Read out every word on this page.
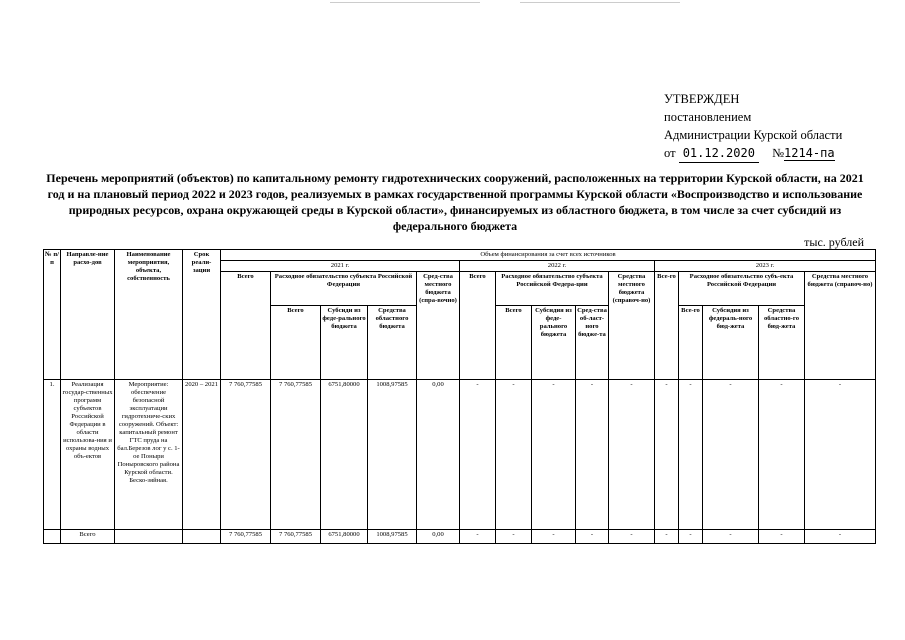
УТВЕРЖДЕН
постановлением
Администрации Курской области
от 01.12.2020 №1214-па
Перечень мероприятий (объектов) по капитальному ремонту гидротехнических сооружений, расположенных на территории Курской области, на 2021 год и на плановый период 2022 и 2023 годов, реализуемых в рамках государственной программы Курской области «Воспроизводство и использование природных ресурсов, охрана окружающей среды в Курской области», финансируемых из областного бюджета, в том числе за счет субсидий из федерального бюджета
тыс. рублей
№ п/ п	Направле-ние расхо-дов	Наименование мероприятия, объекта, собственность	Срок реали-зации	Объем финансирования за счет всех источников														
				2021 г.					2022 г.					2023 г.				
				Всего	Расходное обязательство субъекта Российской Федерации			Сред-ства местного бюджета (спра-вочно)	Всего	Расходное обязательство субъекта Российской Федера-ции			Средства местного бюджета (справоч-но)	Все-го	Расходное обязательство субъ-екта Российской Федерации			Средства местного бюджета (справоч-но)
					Всего	Субсиди из феде-рального бюджета	Средства областного бюджета			Всего	Субсидия из феде-рального бюджета	Сред-ства об-ласт-ного бюдже-та			Все-го	Субсидия из федераль-ного бюд-жета	Средства областно-го бюд-жета	
1.	Реализация государ-ственных программ субъектов Российской Федерации в области использова-ния и охраны водных объ-ектов	Мероприятие: обеспечение безопасной эксплуатации гидротехниче-ских сооружений. Объект: капитальный ремонт ГТС пруда на бал.Березов лог у с. 1-ое Поныри Поныровского района Курской области. Беско-зяйная.	2020 – 2021	7 760,77585	7 760,77585	6751,80000	1008,97585	0,00	-	-	-	-	-	-	-	-	-	-
	Всего			7 760,77585	7 760,77585	6751,80000	1008,97585	0,00	-	-	-	-	-	-	-	-	-	-
